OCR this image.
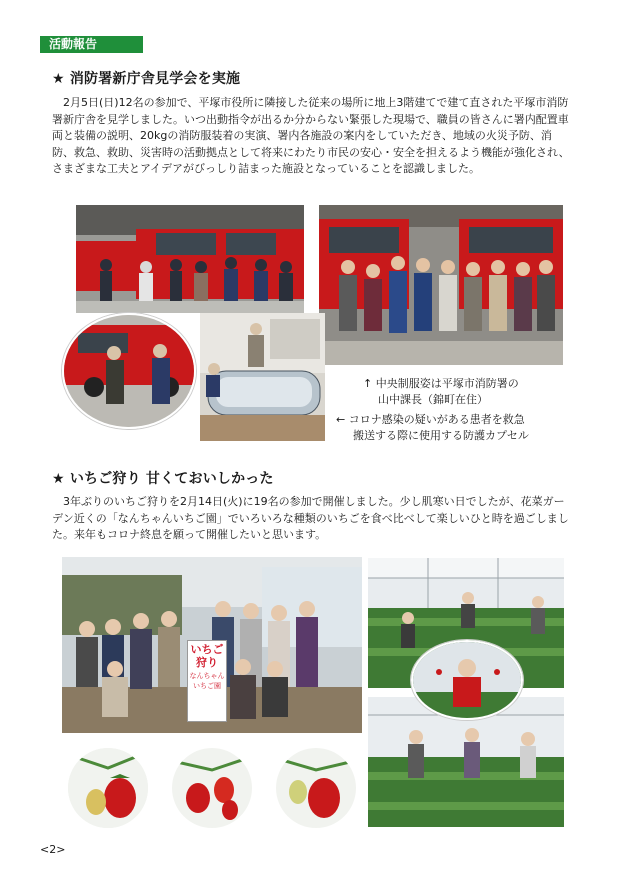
活動報告
★ 消防署新庁舎見学会を実施
2月5日(日)12名の参加で、平塚市役所に隣接した従来の場所に地上3階建てで建て直された平塚市消防署新庁舎を見学しました。いつ出動指令が出るか分からない緊張した現場で、職員の皆さんに署内配置車両と装備の説明、20kgの消防服装着の実演、署内各施設の案内をしていただき、地域の火災予防、消防、救急、救助、災害時の活動拠点として将来にわたり市民の安心・安全を担えるよう機能が強化され、さまざまな工夫とアイデアがびっしり詰まった施設となっていることを認識しました。
↑ 中央制服姿は平塚市消防署の
山中課長（錦町在住）
← コロナ感染の疑いがある患者を救急
搬送する際に使用する防護カプセル
★ いちご狩り 甘くておいしかった
3年ぶりのいちご狩りを2月14日(火)に19名の参加で開催しました。少し肌寒い日でしたが、花菜ガーデン近くの「なんちゃんいちご園」でいろいろな種類のいちごを食べ比べして楽しいひと時を過ごしました。来年もコロナ終息を願って開催したいと思います。
いちご狩り
なんちゃん
いちご園
<2>
